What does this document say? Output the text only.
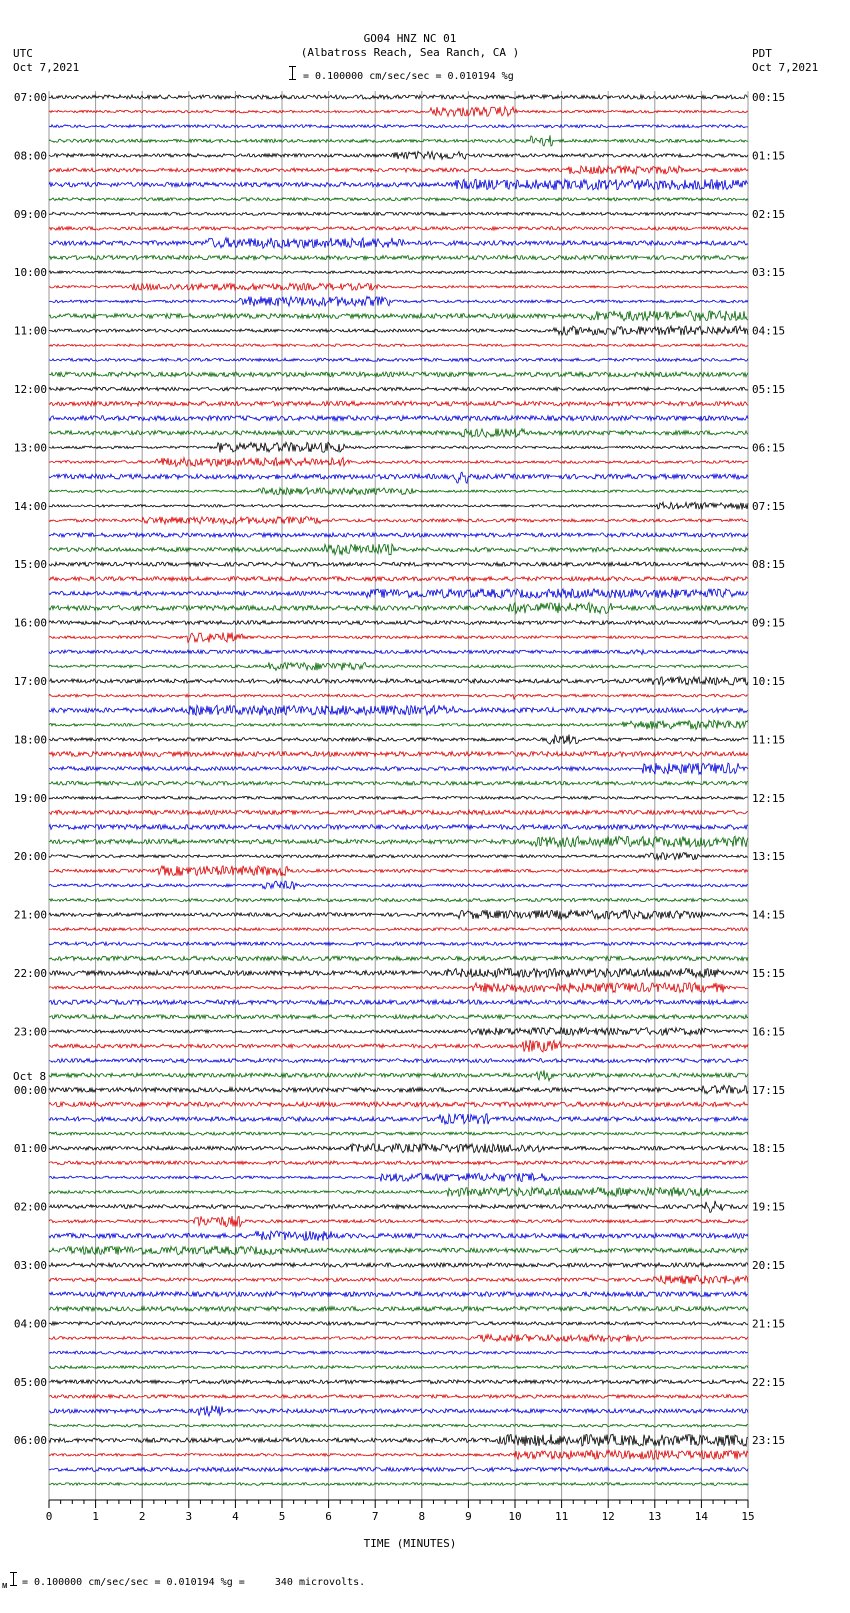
GO04 HNZ NC 01
(Albatross Reach, Sea Ranch, CA )
UTC
Oct 7,2021
PDT
Oct 7,2021
= 0.100000 cm/sec/sec = 0.010194 %g
07:00
08:00
09:00
10:00
11:00
12:00
13:00
14:00
15:00
16:00
17:00
18:00
19:00
20:00
21:00
22:00
23:00
00:00
Oct 8
01:00
02:00
03:00
04:00
05:00
06:00
00:15
01:15
02:15
03:15
04:15
05:15
06:15
07:15
08:15
09:15
10:15
11:15
12:15
13:15
14:15
15:15
16:15
17:15
18:15
19:15
20:15
21:15
22:15
23:15
0	1	2	3	4	5	6	7	8	9	10	11	12	13	14	15
TIME (MINUTES)
ᴍ = 0.100000 cm/sec/sec = 0.010194 %g =     340 microvolts.
